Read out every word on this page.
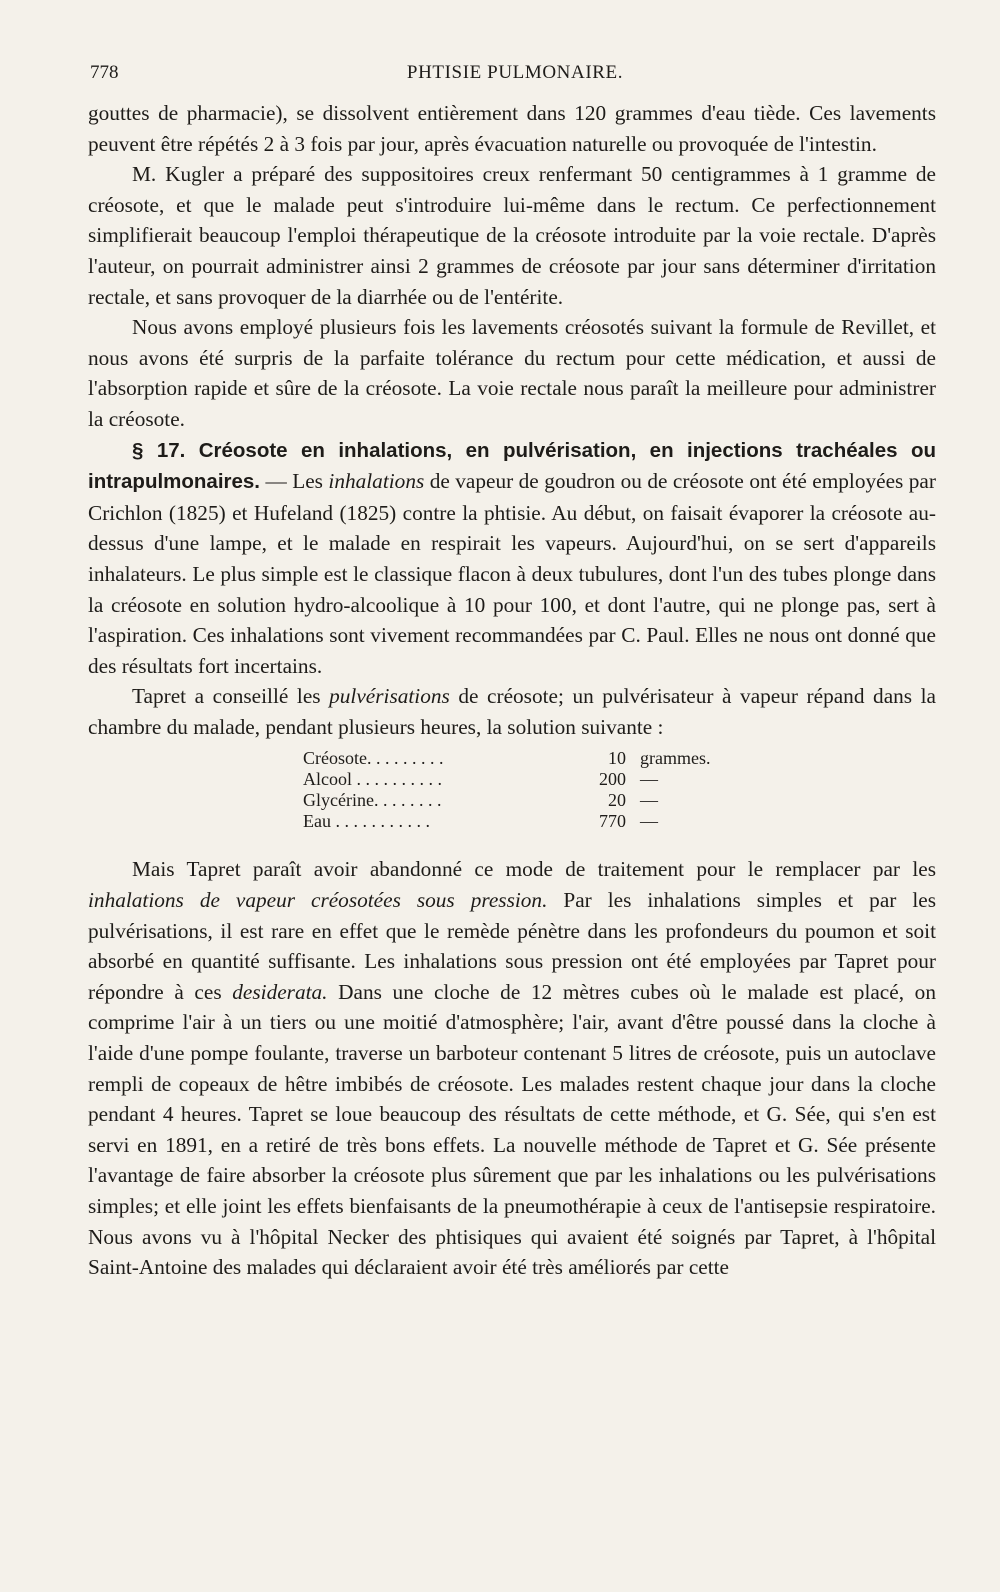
778	PHTISIE PULMONAIRE.

gouttes de pharmacie), se dissolvent entièrement dans 120 grammes d'eau tiède. Ces lavements peuvent être répétés 2 à 3 fois par jour, après évacuation naturelle ou provoquée de l'intestin.

M. Kugler a préparé des suppositoires creux renfermant 50 centigrammes à 1 gramme de créosote, et que le malade peut s'introduire lui-même dans le rectum. Ce perfectionnement simplifierait beaucoup l'emploi thérapeutique de la créosote introduite par la voie rectale. D'après l'auteur, on pourrait administrer ainsi 2 grammes de créosote par jour sans déterminer d'irritation rectale, et sans provoquer de la diarrhée ou de l'entérite.

Nous avons employé plusieurs fois les lavements créosotés suivant la formule de Revillet, et nous avons été surpris de la parfaite tolérance du rectum pour cette médication, et aussi de l'absorption rapide et sûre de la créosote. La voie rectale nous paraît la meilleure pour administrer la créosote.

§ 17. Créosote en inhalations, en pulvérisation, en injections trachéales ou intrapulmonaires. — Les inhalations de vapeur de goudron ou de créosote ont été employées par Crichlon (1825) et Hufeland (1825) contre la phtisie. Au début, on faisait évaporer la créosote au-dessus d'une lampe, et le malade en respirait les vapeurs. Aujourd'hui, on se sert d'appareils inhalateurs. Le plus simple est le classique flacon à deux tubulures, dont l'un des tubes plonge dans la créosote en solution hydro-alcoolique à 10 pour 100, et dont l'autre, qui ne plonge pas, sert à l'aspiration. Ces inhalations sont vivement recommandées par C. Paul. Elles ne nous ont donné que des résultats fort incertains.

Tapret a conseillé les pulvérisations de créosote; un pulvérisateur à vapeur répand dans la chambre du malade, pendant plusieurs heures, la solution suivante :

Créosote. . . . . . . . .	10 grammes.
Alcool . . . . . . . . . .	200 —
Glycérine. . . . . . . .	20 —
Eau . . . . . . . . . . .	770 —

Mais Tapret paraît avoir abandonné ce mode de traitement pour le remplacer par les inhalations de vapeur créosotées sous pression. Par les inhalations simples et par les pulvérisations, il est rare en effet que le remède pénètre dans les profondeurs du poumon et soit absorbé en quantité suffisante. Les inhalations sous pression ont été employées par Tapret pour répondre à ces desiderata. Dans une cloche de 12 mètres cubes où le malade est placé, on comprime l'air à un tiers ou une moitié d'atmosphère; l'air, avant d'être poussé dans la cloche à l'aide d'une pompe foulante, traverse un barboteur contenant 5 litres de créosote, puis un autoclave rempli de copeaux de hêtre imbibés de créosote. Les malades restent chaque jour dans la cloche pendant 4 heures. Tapret se loue beaucoup des résultats de cette méthode, et G. Sée, qui s'en est servi en 1891, en a retiré de très bons effets. La nouvelle méthode de Tapret et G. Sée présente l'avantage de faire absorber la créosote plus sûrement que par les inhalations ou les pulvérisations simples; et elle joint les effets bienfaisants de la pneumothérapie à ceux de l'antisepsie respiratoire. Nous avons vu à l'hôpital Necker des phtisiques qui avaient été soignés par Tapret, à l'hôpital Saint-Antoine des malades qui déclaraient avoir été très améliorés par cette
